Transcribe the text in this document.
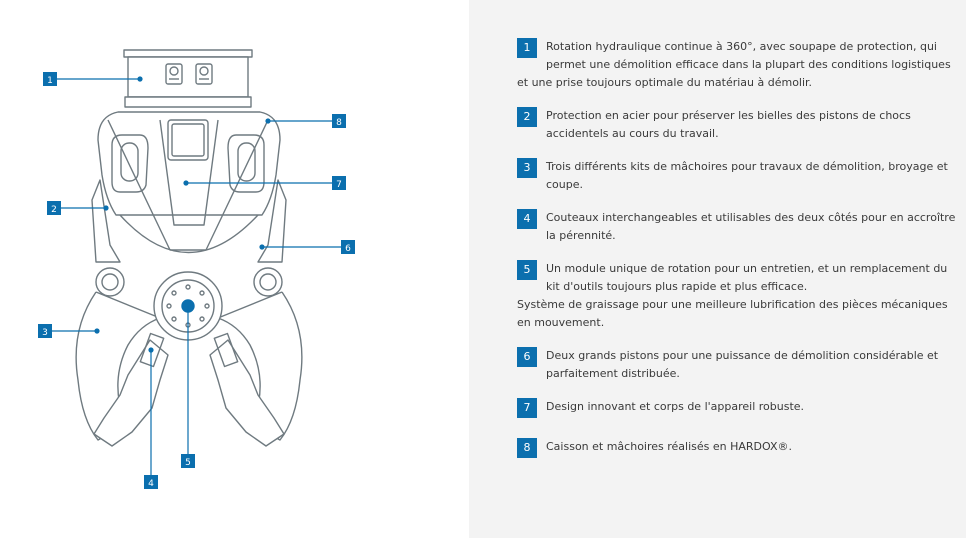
1
2
3
4
5
6
7
8
1	Rotation hydraulique continue à 360°, avec soupape de protection, qui permet une démolition efficace dans la plupart des conditions logistiques et une prise toujours optimale du matériau à démolir.
2	Protection en acier pour préserver les bielles des pistons de chocs accidentels au cours du travail.
3	Trois différents kits de mâchoires pour travaux de démolition, broyage et coupe.
4	Couteaux interchangeables et utilisables des deux côtés pour en accroître la pérennité.
5	Un module unique de rotation pour un entretien, et un remplacement du kit d'outils toujours plus rapide et plus efficace.
Système de graissage pour une meilleure lubrification des pièces mécaniques en mouvement.
6	Deux grands pistons pour une puissance de démolition considérable et parfaitement distribuée.
7	Design innovant et corps de l'appareil robuste.
8	Caisson et mâchoires réalisés en HARDOX®.
